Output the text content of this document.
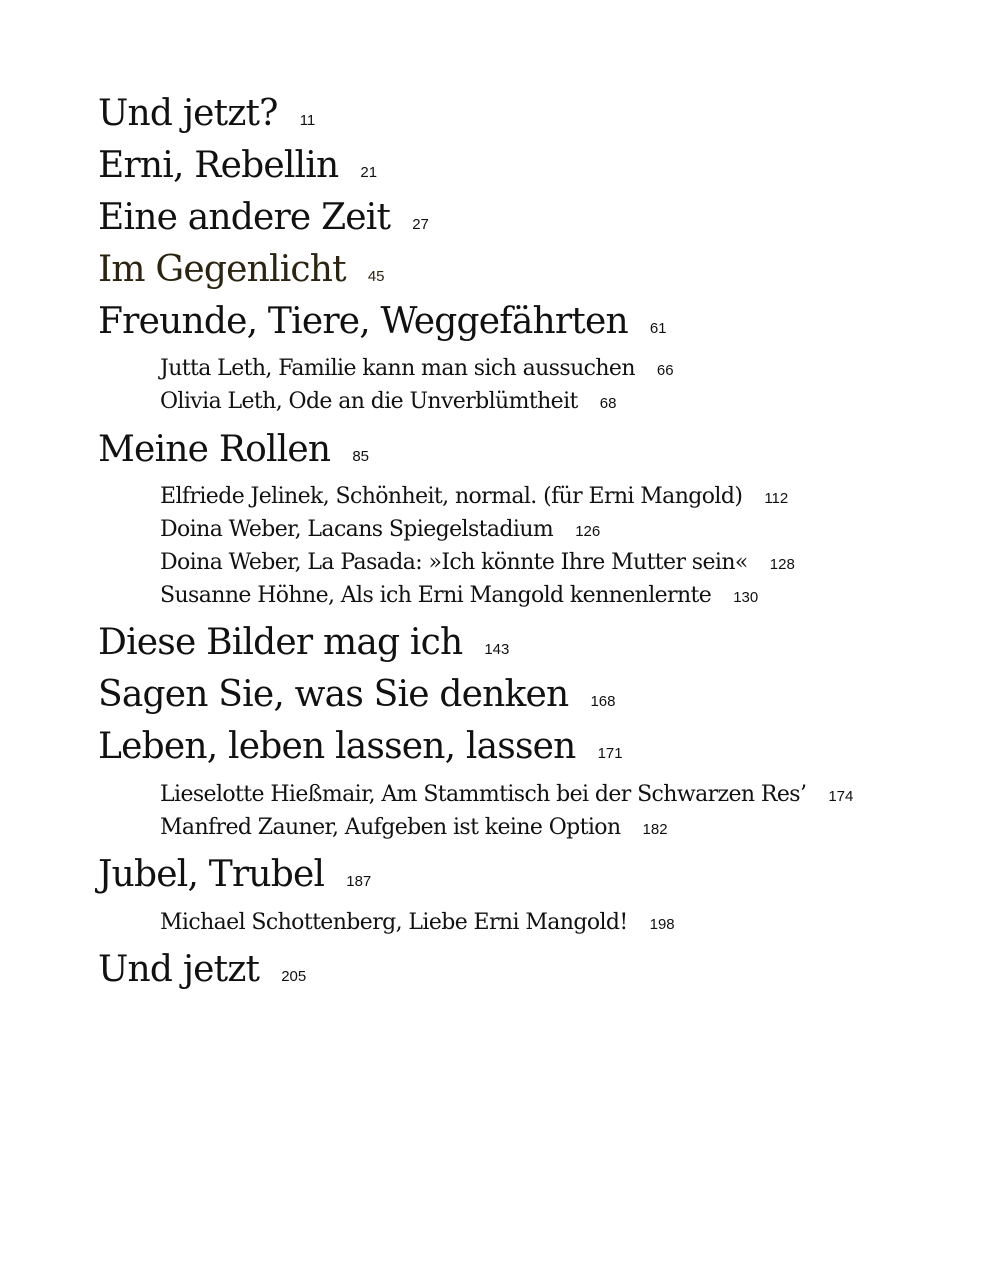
Und jetzt? 11
Erni, Rebellin 21
Eine andere Zeit 27
Im Gegenlicht 45
Freunde, Tiere, Weggefährten 61
Jutta Leth, Familie kann man sich aussuchen 66
Olivia Leth, Ode an die Unverblümtheit 68
Meine Rollen 85
Elfriede Jelinek, Schönheit, normal. (für Erni Mangold) 112
Doina Weber, Lacans Spiegelstadium 126
Doina Weber, La Pasada: »Ich könnte Ihre Mutter sein« 128
Susanne Höhne, Als ich Erni Mangold kennenlernte 130
Diese Bilder mag ich 143
Sagen Sie, was Sie denken 168
Leben, leben lassen, lassen 171
Lieselotte Hießmair, Am Stammtisch bei der Schwarzen Res’ 174
Manfred Zauner, Aufgeben ist keine Option 182
Jubel, Trubel 187
Michael Schottenberg, Liebe Erni Mangold! 198
Und jetzt 205
